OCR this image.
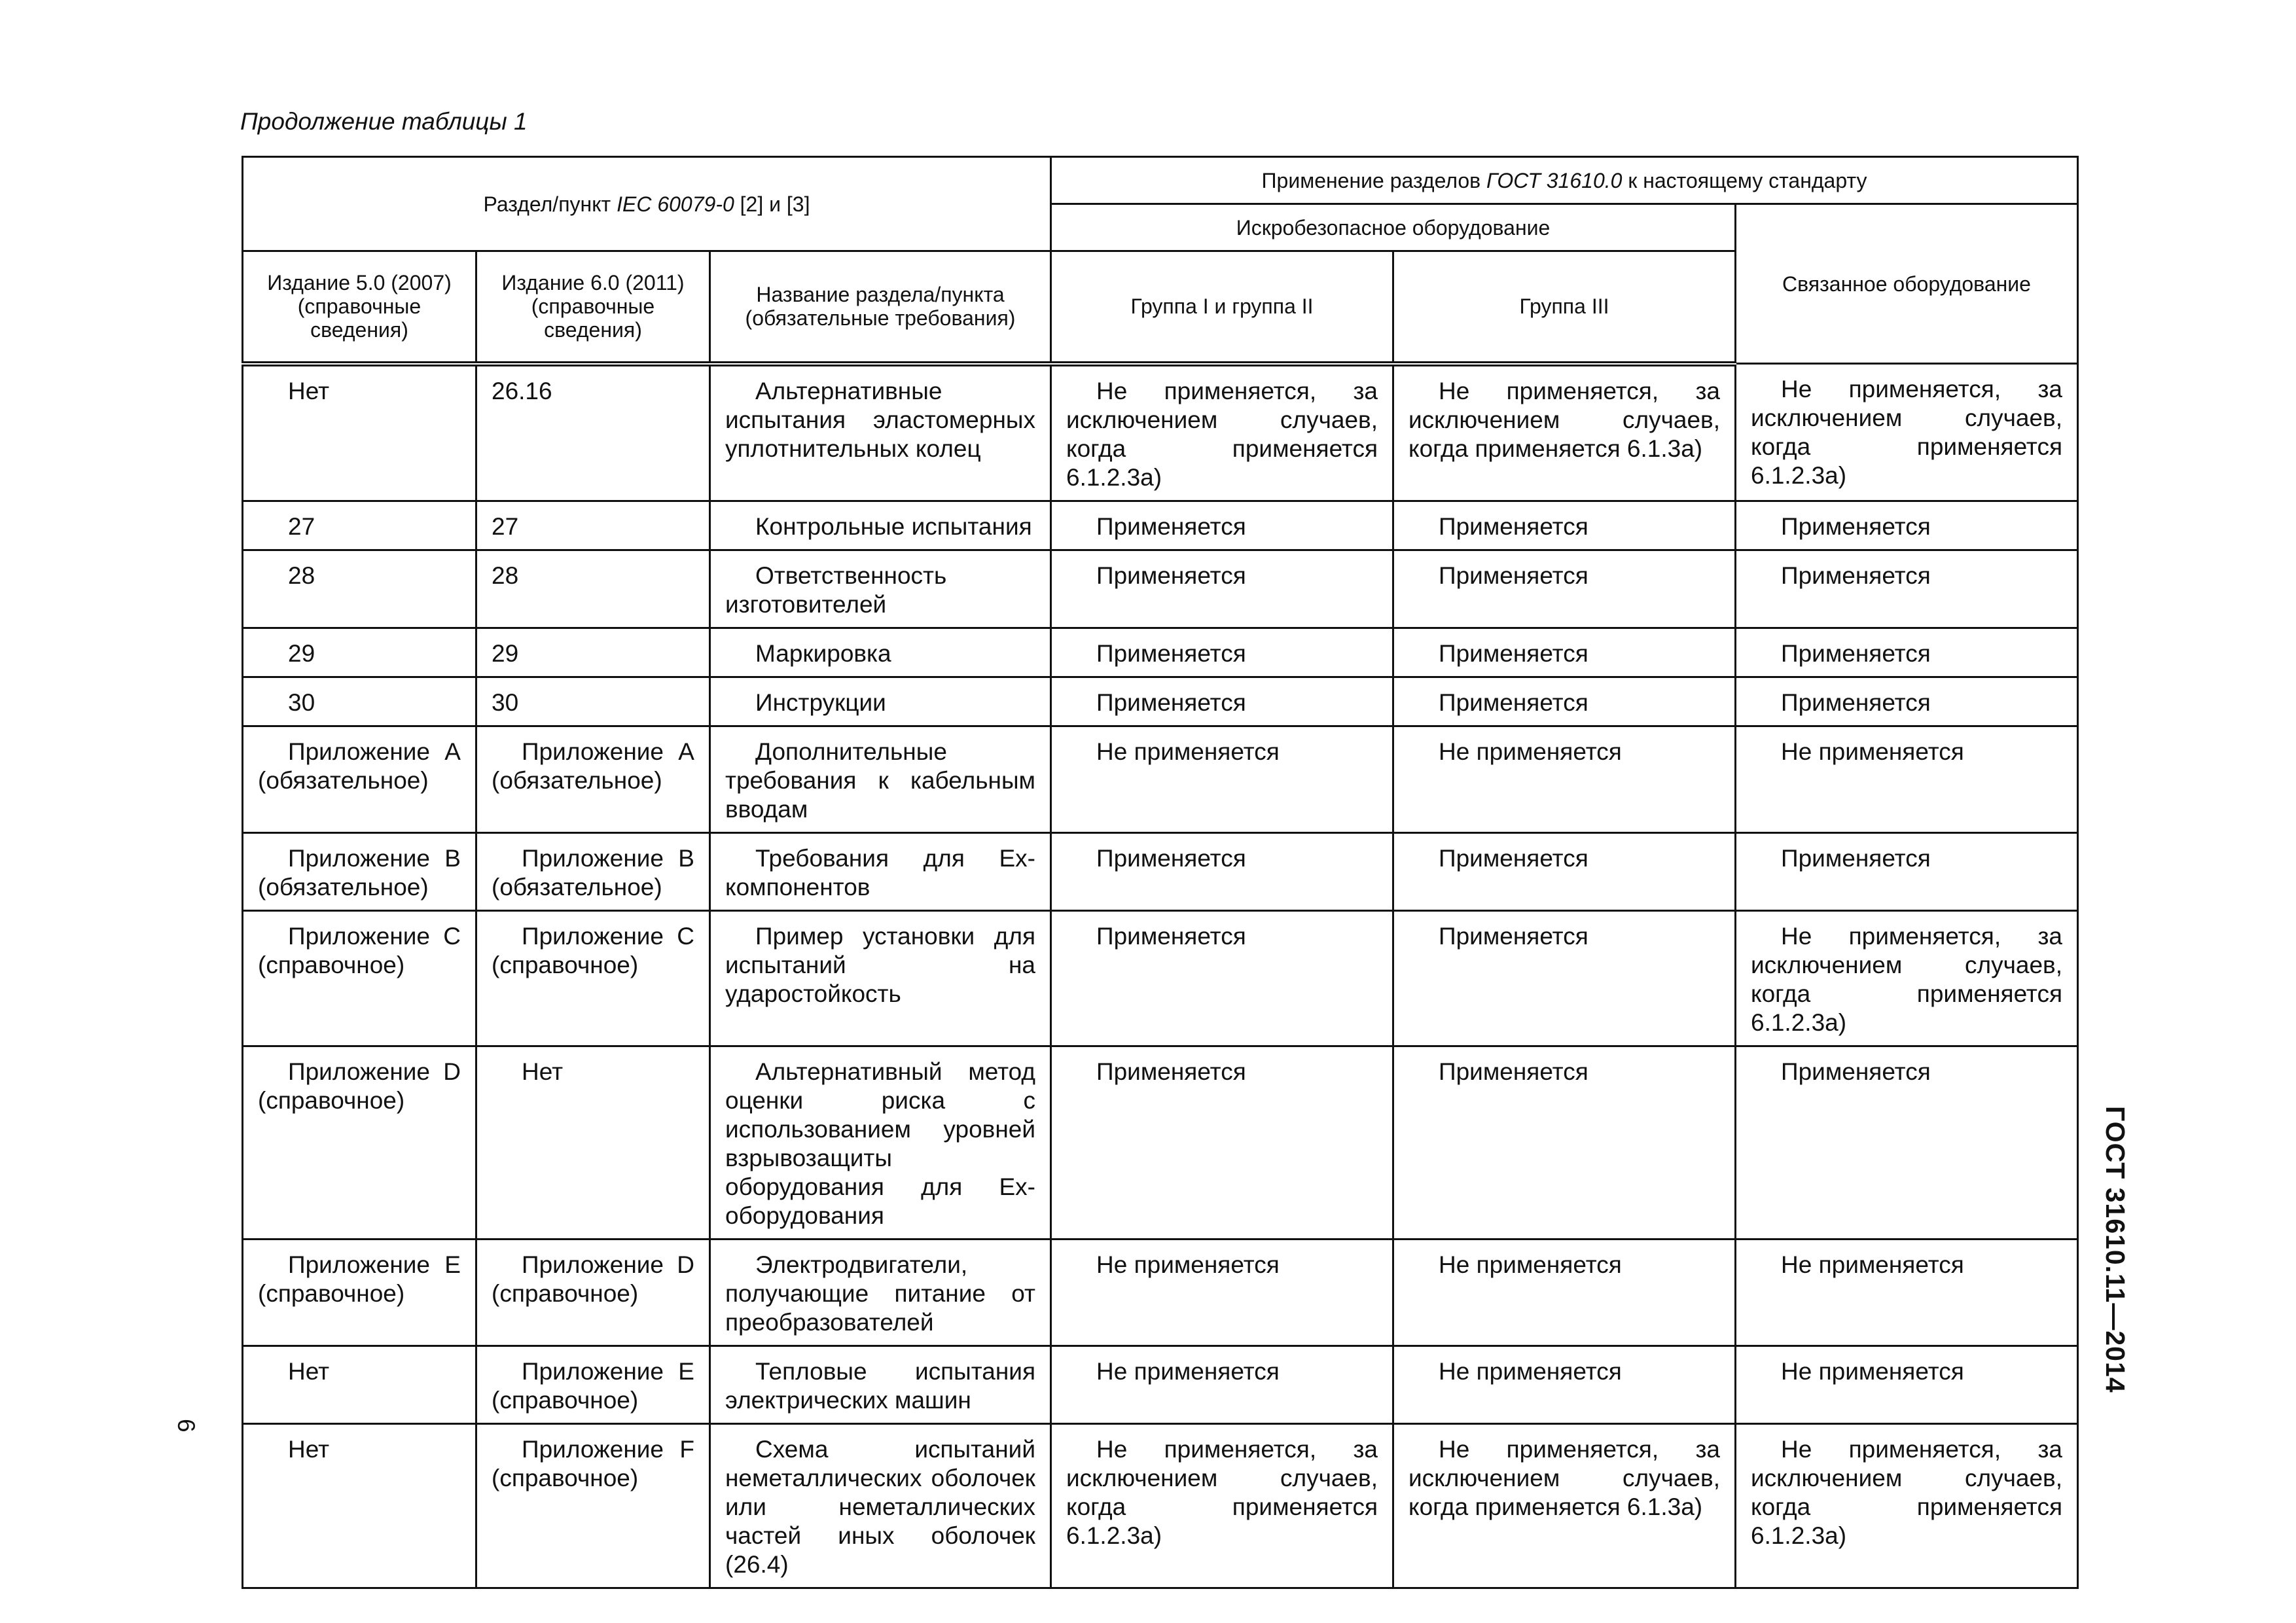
Продолжение таблицы 1
Раздел/пункт IEC 60079-0 [2] и [3]			Применение разделов ГОСТ 31610.0 к настоящему стандарту		
			Искробезопасное оборудование		Связанное оборудование
Издание 5.0 (2007) (справочные сведения)	Издание 6.0 (2011) (справочные сведения)	Название раздела/пункта (обязательные требования)	Группа I и группа II	Группа III	
Нет	26.16	Альтернативные испытания эластомерных уплотнительных колец	Не применяется, за исключением случаев, когда применяется 6.1.2.3а)	Не применяется, за исключением случаев, когда применяется 6.1.3а)	Не применяется, за исключением случаев, когда применяется 6.1.2.3а)
27	27	Контрольные испытания	Применяется	Применяется	Применяется
28	28	Ответственность изготовителей	Применяется	Применяется	Применяется
29	29	Маркировка	Применяется	Применяется	Применяется
30	30	Инструкции	Применяется	Применяется	Применяется
Приложение А (обязательное)	Приложение А (обязательное)	Дополнительные требования к кабельным вводам	Не применяется	Не применяется	Не применяется
Приложение В (обязательное)	Приложение В (обязательное)	Требования для Ex-компонентов	Применяется	Применяется	Применяется
Приложение С (справочное)	Приложение С (справочное)	Пример установки для испытаний на ударостойкость	Применяется	Применяется	Не применяется, за исключением случаев, когда применяется 6.1.2.3а)
Приложение D (справочное)	Нет	Альтернативный метод оценки риска с использованием уровней взрывозащиты оборудования для Ex-оборудования	Применяется	Применяется	Применяется
Приложение Е (справочное)	Приложение D (справочное)	Электродвигатели, получающие питание от преобразователей	Не применяется	Не применяется	Не применяется
Нет	Приложение Е (справочное)	Тепловые испытания электрических машин	Не применяется	Не применяется	Не применяется
Нет	Приложение F (справочное)	Схема испытаний неметаллических оболочек или неметаллических частей иных оболочек (26.4)	Не применяется, за исключением случаев, когда применяется 6.1.2.3а)	Не применяется, за исключением случаев, когда применяется 6.1.3а)	Не применяется, за исключением случаев, когда применяется 6.1.2.3а)
ГОСТ 31610.11—2014
6
